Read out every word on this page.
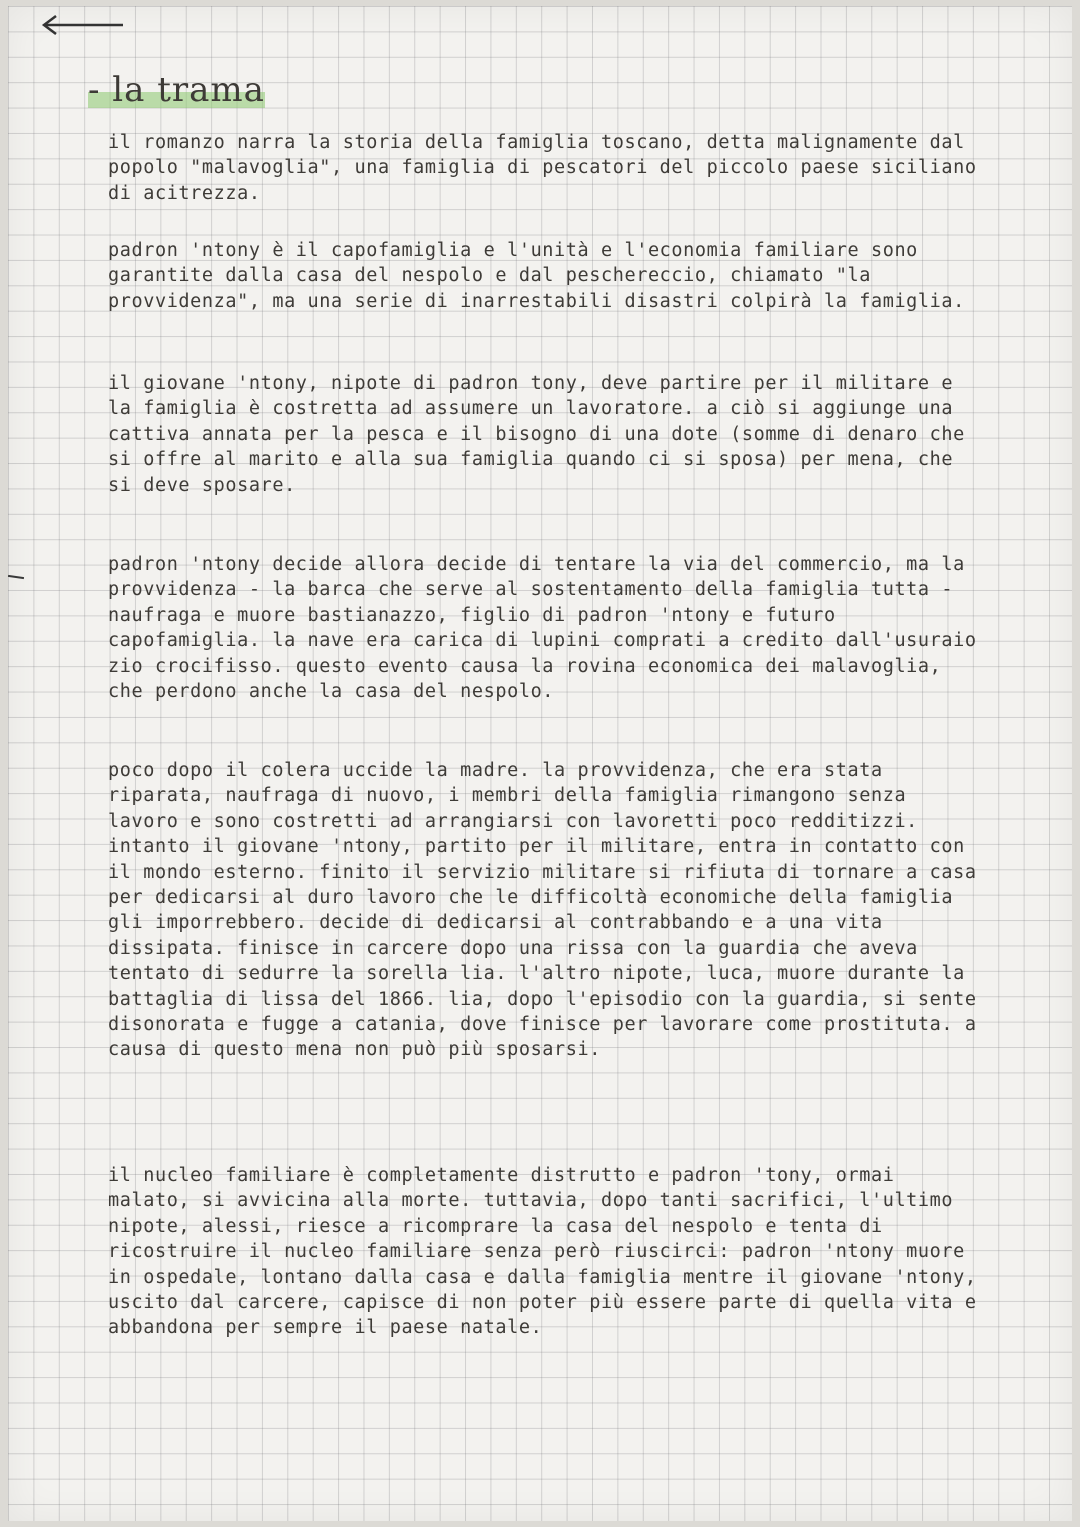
- la trama
il romanzo narra la storia della famiglia toscano, detta malignamente dal popolo "malavoglia", una famiglia di pescatori del piccolo paese siciliano di acitrezza.
padron 'ntony è il capofamiglia e l'unità e l'economia familiare sono garantite dalla casa del nespolo e dal peschereccio, chiamato "la provvidenza", ma una serie di inarrestabili disastri colpirà la famiglia.
il giovane 'ntony, nipote di padron tony, deve partire per il militare e la famiglia è costretta ad assumere un lavoratore. a ciò si aggiunge una cattiva annata per la pesca e il bisogno di una dote (somme di denaro che si offre al marito e alla sua famiglia quando ci si sposa) per mena, che si deve sposare.
padron 'ntony decide allora decide di tentare la via del commercio, ma la provvidenza - la barca che serve al sostentamento della famiglia tutta - naufraga e muore bastianazzo, figlio di padron 'ntony e futuro capofamiglia. la nave era carica di lupini comprati a credito dall'usuraio zio crocifisso. questo evento causa la rovina economica dei malavoglia, che perdono anche la casa del nespolo.
poco dopo il colera uccide la madre. la provvidenza, che era stata riparata, naufraga di nuovo, i membri della famiglia rimangono senza lavoro e sono costretti ad arrangiarsi con lavoretti poco redditizzi. intanto il giovane 'ntony, partito per il militare, entra in contatto con il mondo esterno. finito il servizio militare si rifiuta di tornare a casa per dedicarsi al duro lavoro che le difficoltà economiche della famiglia gli imporrebbero. decide di dedicarsi al contrabbando e a una vita dissipata. finisce in carcere dopo una rissa con la guardia che aveva tentato di sedurre la sorella lia. l'altro nipote, luca, muore durante la battaglia di lissa del 1866. lia, dopo l'episodio con la guardia, si sente disonorata e fugge a catania, dove finisce per lavorare come prostituta. a causa di questo mena non può più sposarsi.
il nucleo familiare è completamente distrutto e padron 'tony, ormai malato, si avvicina alla morte. tuttavia, dopo tanti sacrifici, l'ultimo nipote, alessi, riesce a ricomprare la casa del nespolo e tenta di ricostruire il nucleo familiare senza però riuscirci: padron 'ntony muore in ospedale, lontano dalla casa e dalla famiglia mentre il giovane 'ntony, uscito dal carcere, capisce di non poter più essere parte di quella vita e abbandona per sempre il paese natale.
